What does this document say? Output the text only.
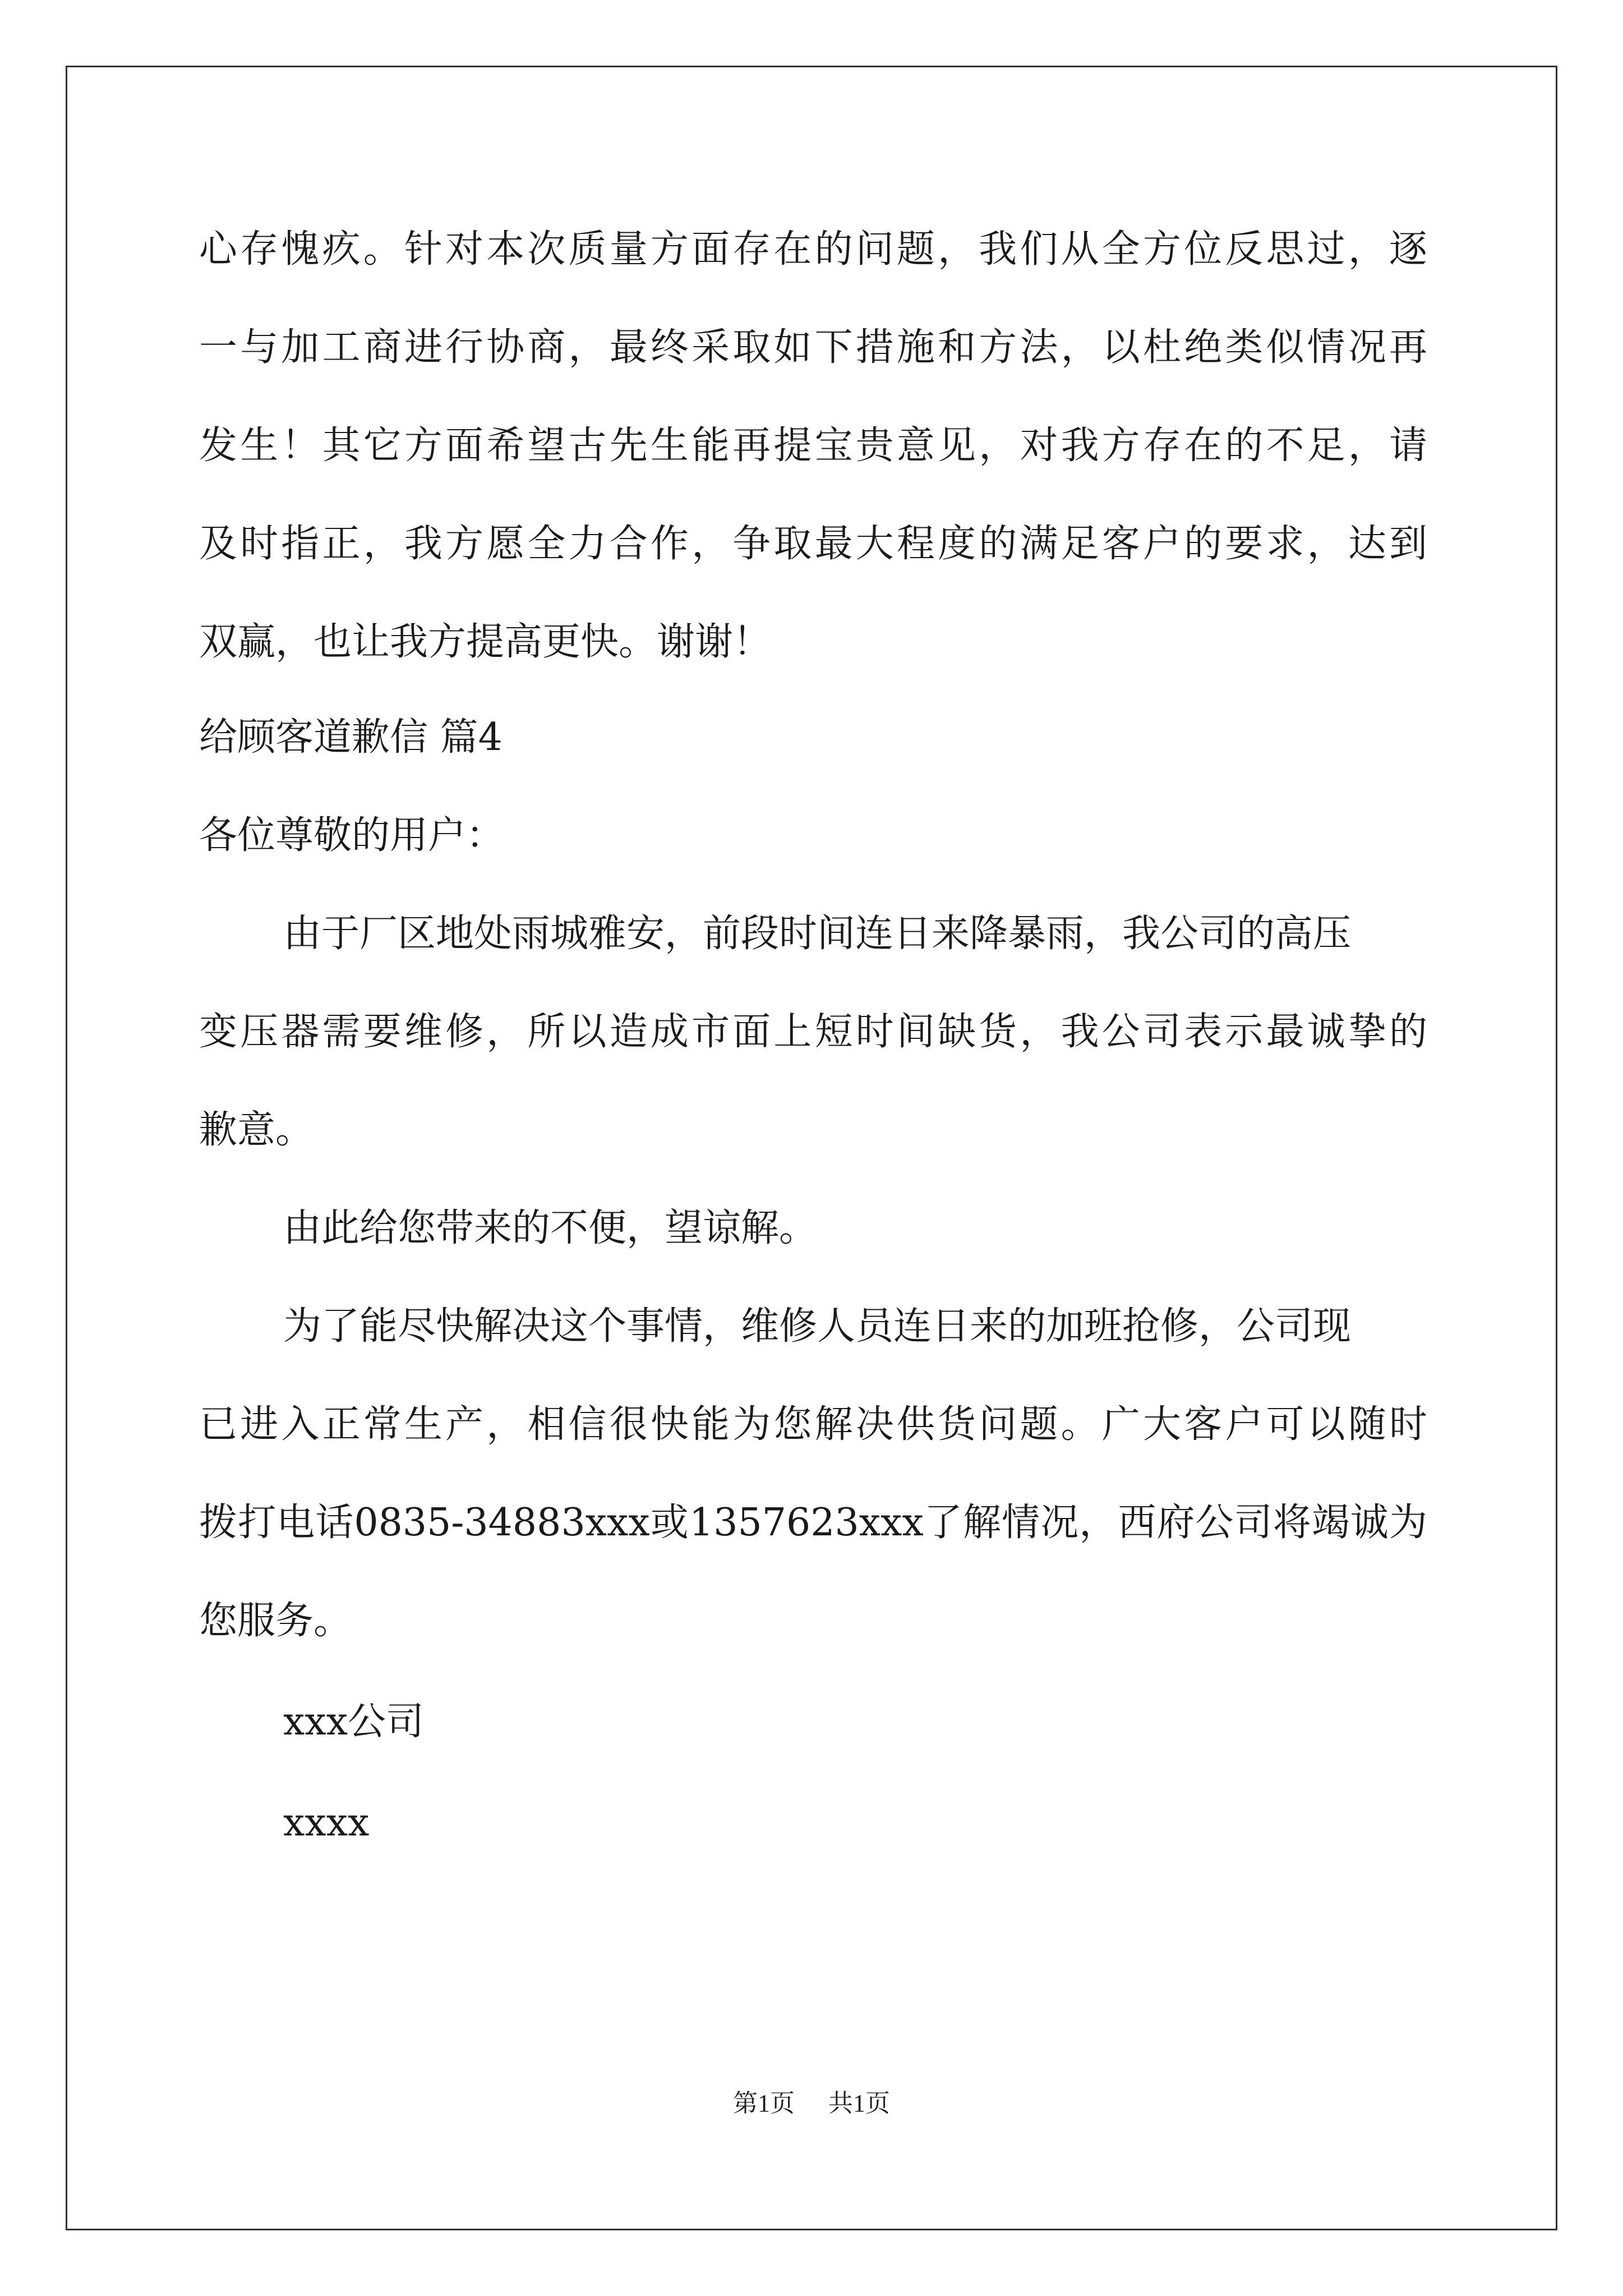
心存愧疚。针对本次质量方面存在的问题，我们从全方位反思过，逐
一与加工商进行协商，最终采取如下措施和方法，以杜绝类似情况再
发生！其它方面希望古先生能再提宝贵意见，对我方存在的不足，请
及时指正，我方愿全力合作，争取最大程度的满足客户的要求，达到
双赢，也让我方提高更快。谢谢！
给顾客道歉信 篇4
各位尊敬的用户：
由于厂区地处雨城雅安，前段时间连日来降暴雨，我公司的高压
变压器需要维修，所以造成市面上短时间缺货，我公司表示最诚挚的
歉意。
由此给您带来的不便，望谅解。
为了能尽快解决这个事情，维修人员连日来的加班抢修，公司现
已进入正常生产，相信很快能为您解决供货问题。广大客户可以随时
拨打电话0835-34883xxx或1357623xxx了解情况，西府公司将竭诚为
您服务。
xxx公司
xxxx
第1页 共1页
